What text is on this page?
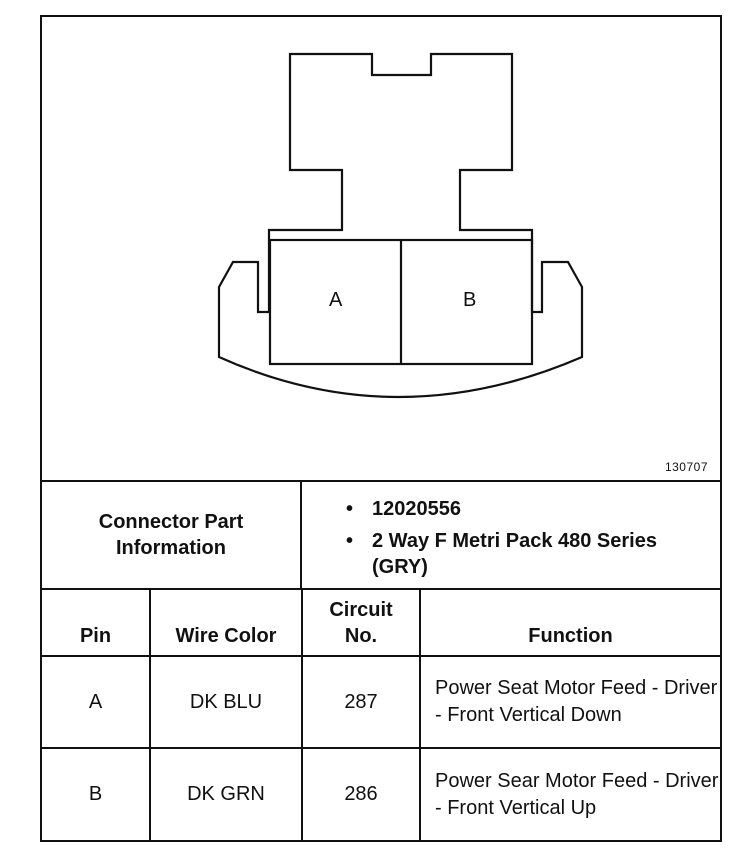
A	B
130707
Connector Part Information
• 12020556
• 2 Way F Metri Pack 480 Series (GRY)
Pin	Wire Color	Circuit No.	Function
A	DK BLU	287	Power Seat Motor Feed - Driver - Front Vertical Down
B	DK GRN	286	Power Sear Motor Feed - Driver - Front Vertical Up
